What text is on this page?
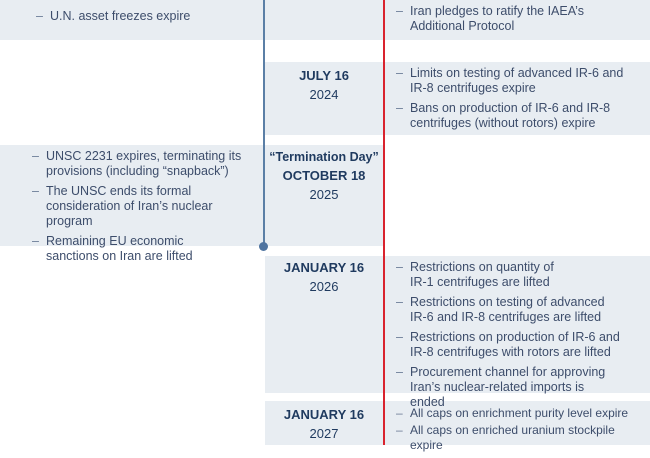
– U.N. asset freezes expire
–	Iran pledges to ratify the IAEA’s Additional Protocol
JULY 16
2024
– Limits on testing of advanced IR-6 and IR-8 centrifuges expire
– Bans on production of IR-6 and IR-8 centrifuges (without rotors) expire
“Termination Day”
OCTOBER 18
2025
– UNSC 2231 expires, terminating its provisions (including “snapback”)
– The UNSC ends its formal consideration of Iran’s nuclear program
– Remaining EU economic sanctions on Iran are lifted
JANUARY 16
2026
– Restrictions on quantity of IR-1 centrifuges are lifted
– Restrictions on testing of advanced IR-6 and IR-8 centrifuges are lifted
– Restrictions on production of IR-6 and IR-8 centrifuges with rotors are lifted
– Procurement channel for approving Iran’s nuclear-related imports is ended
JANUARY 16
2027
– All caps on enrichment purity level expire
– All caps on enriched uranium stockpile expire
